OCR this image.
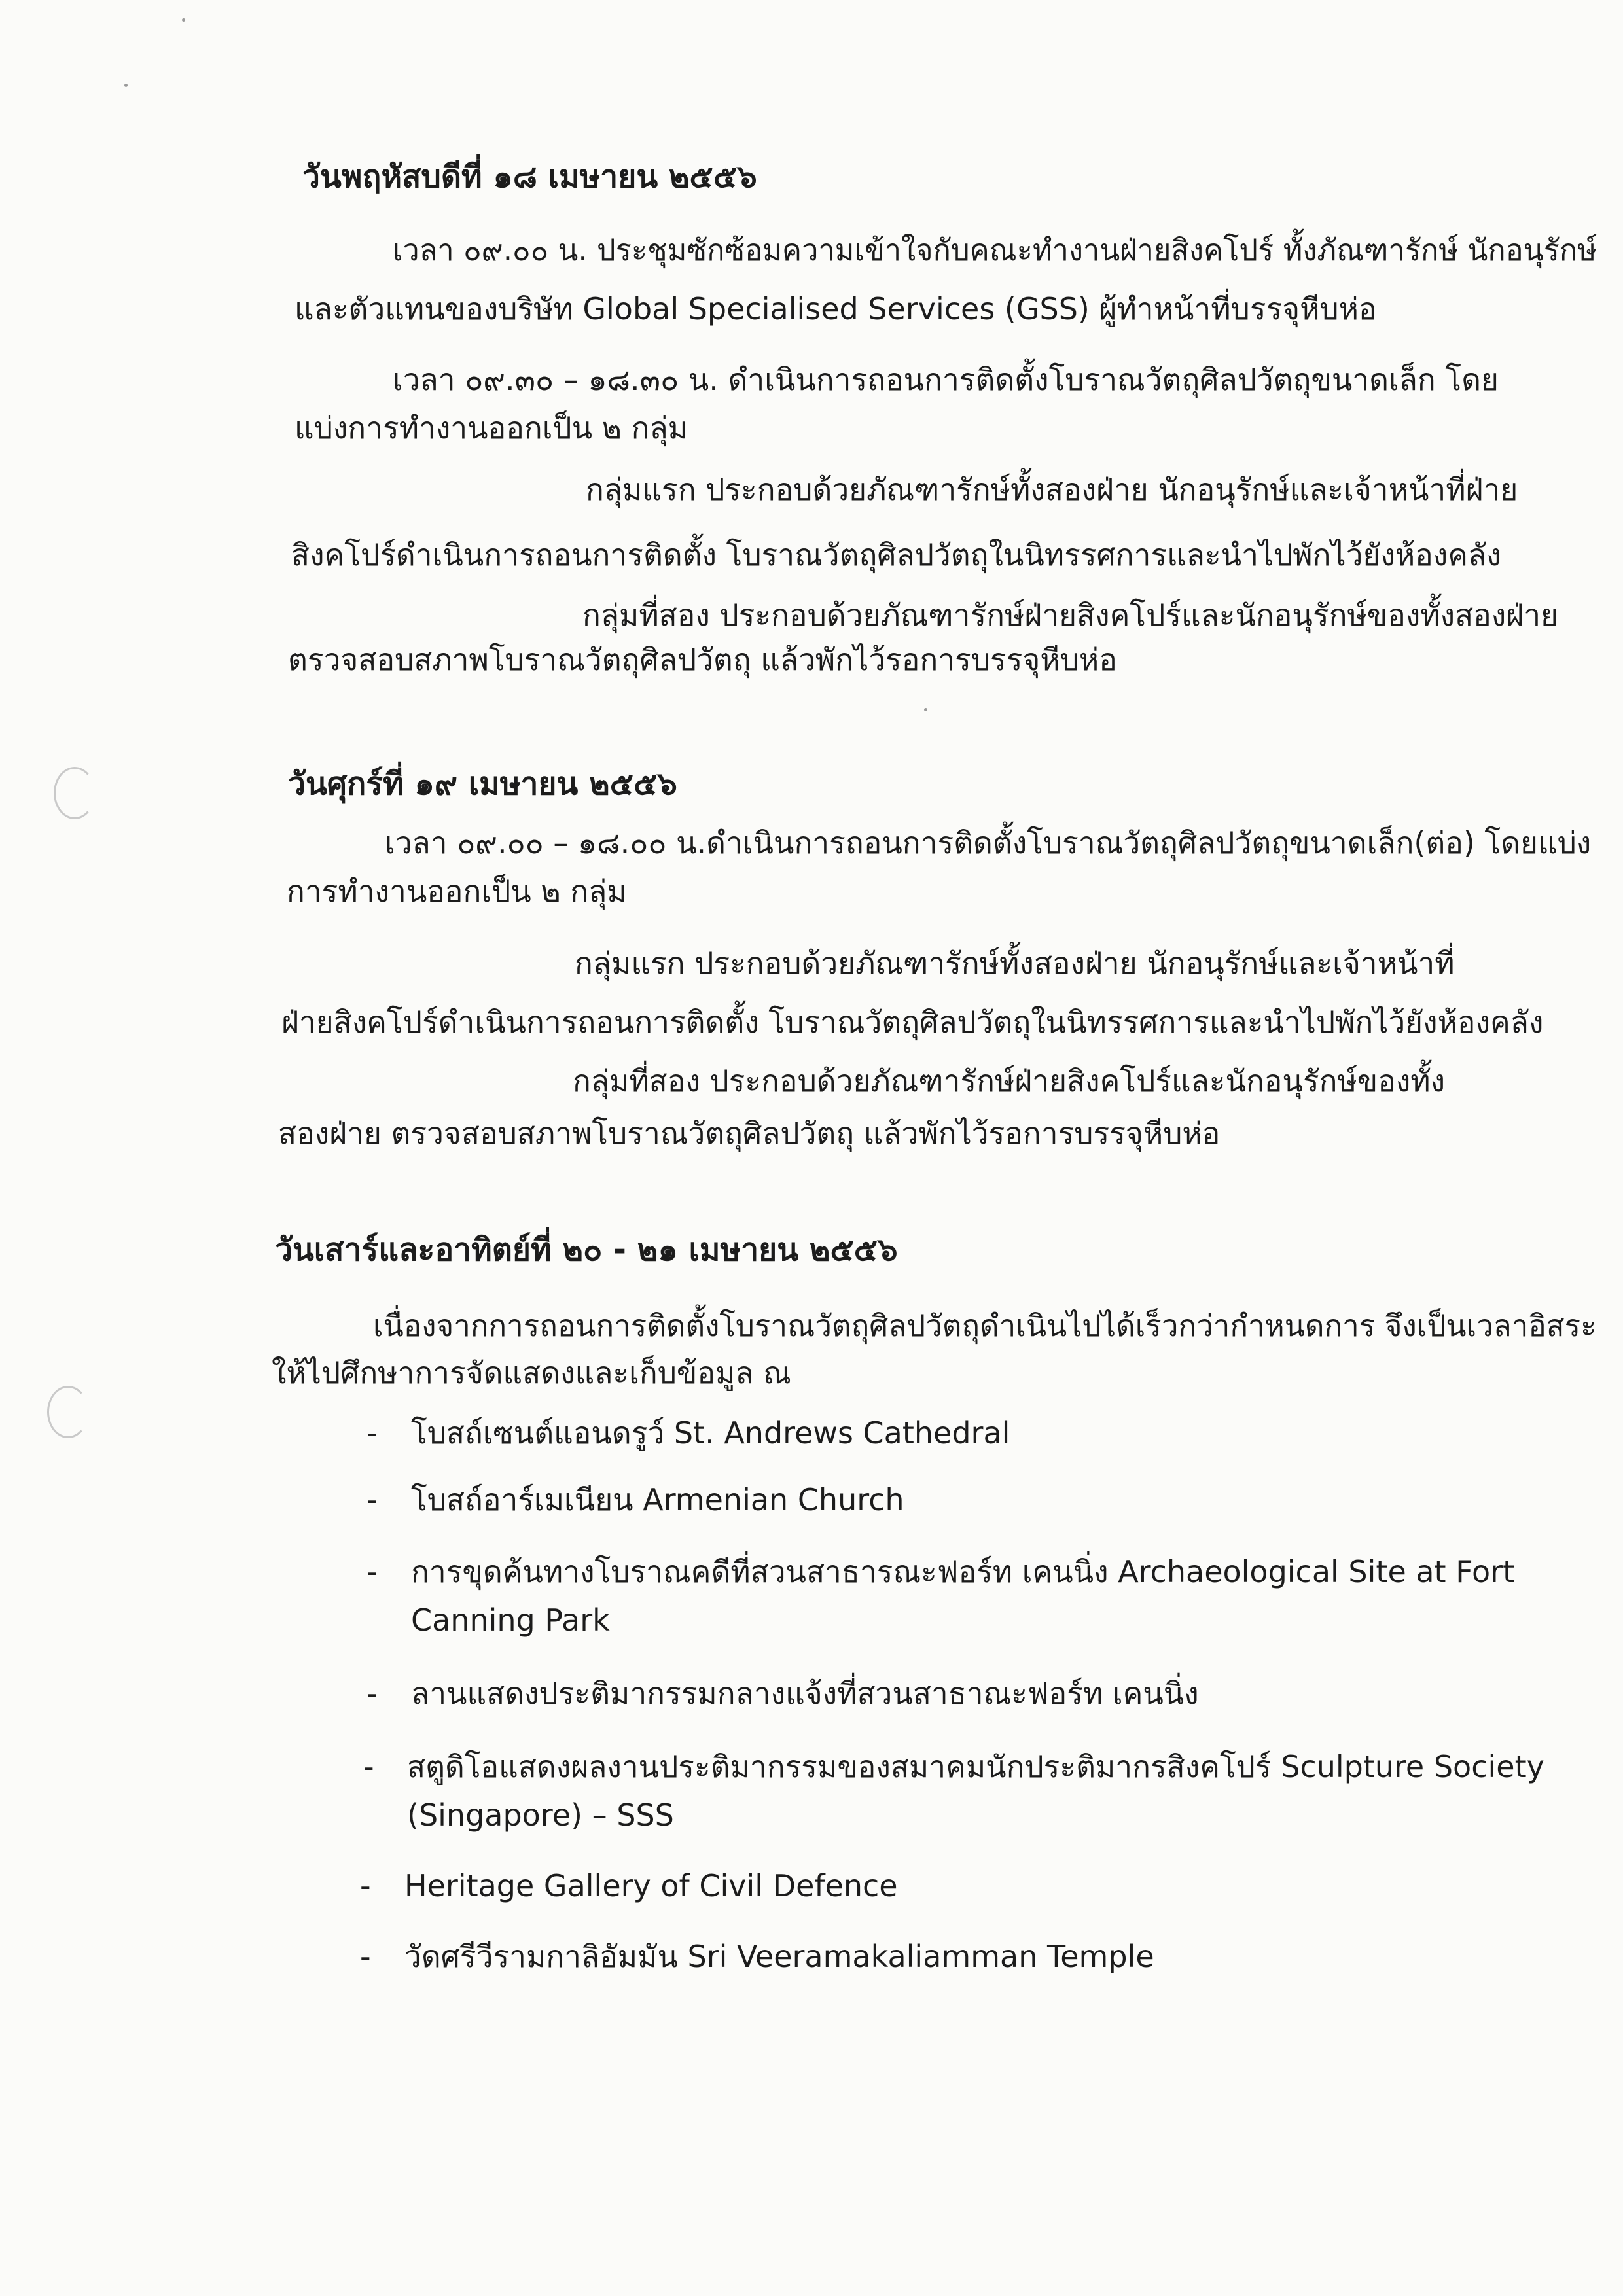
วันพฤหัสบดีที่ ๑๘ เมษายน ๒๕๕๖
เวลา ๐๙.๐๐ น. ประชุมซักซ้อมความเข้าใจกับคณะทำงานฝ่ายสิงคโปร์ ทั้งภัณฑารักษ์ นักอนุรักษ์
และตัวแทนของบริษัท Global Specialised Services (GSS) ผู้ทำหน้าที่บรรจุหีบห่อ
เวลา ๐๙.๓๐ – ๑๘.๓๐ น. ดำเนินการถอนการติดตั้งโบราณวัตถุศิลปวัตถุขนาดเล็ก โดย
แบ่งการทำงานออกเป็น ๒ กลุ่ม
กลุ่มแรก ประกอบด้วยภัณฑารักษ์ทั้งสองฝ่าย นักอนุรักษ์และเจ้าหน้าที่ฝ่าย
สิงคโปร์ดำเนินการถอนการติดตั้ง โบราณวัตถุศิลปวัตถุในนิทรรศการและนำไปพักไว้ยังห้องคลัง
กลุ่มที่สอง ประกอบด้วยภัณฑารักษ์ฝ่ายสิงคโปร์และนักอนุรักษ์ของทั้งสองฝ่าย
ตรวจสอบสภาพโบราณวัตถุศิลปวัตถุ แล้วพักไว้รอการบรรจุหีบห่อ
วันศุกร์ที่ ๑๙ เมษายน ๒๕๕๖
เวลา ๐๙.๐๐ – ๑๘.๐๐ น.ดำเนินการถอนการติดตั้งโบราณวัตถุศิลปวัตถุขนาดเล็ก(ต่อ) โดยแบ่ง
การทำงานออกเป็น ๒ กลุ่ม
กลุ่มแรก ประกอบด้วยภัณฑารักษ์ทั้งสองฝ่าย นักอนุรักษ์และเจ้าหน้าที่
ฝ่ายสิงคโปร์ดำเนินการถอนการติดตั้ง โบราณวัตถุศิลปวัตถุในนิทรรศการและนำไปพักไว้ยังห้องคลัง
กลุ่มที่สอง ประกอบด้วยภัณฑารักษ์ฝ่ายสิงคโปร์และนักอนุรักษ์ของทั้ง
สองฝ่าย ตรวจสอบสภาพโบราณวัตถุศิลปวัตถุ แล้วพักไว้รอการบรรจุหีบห่อ
วันเสาร์และอาทิตย์ที่ ๒๐ - ๒๑ เมษายน ๒๕๕๖
เนื่องจากการถอนการติดตั้งโบราณวัตถุศิลปวัตถุดำเนินไปได้เร็วกว่ากำหนดการ จึงเป็นเวลาอิสระ
ให้ไปศึกษาการจัดแสดงและเก็บข้อมูล ณ
- โบสถ์เซนต์แอนดรูว์ St. Andrews Cathedral
- โบสถ์อาร์เมเนียน Armenian Church
- การขุดค้นทางโบราณคดีที่สวนสาธารณะฟอร์ท เคนนิ่ง Archaeological Site at Fort
Canning Park
- ลานแสดงประติมากรรมกลางแจ้งที่สวนสาธาณะฟอร์ท เคนนิ่ง
- สตูดิโอแสดงผลงานประติมากรรมของสมาคมนักประติมากรสิงคโปร์ Sculpture Society
(Singapore) – SSS
- Heritage Gallery of Civil Defence
- วัดศรีวีรามกาลิอัมมัน Sri Veeramakaliamman Temple
